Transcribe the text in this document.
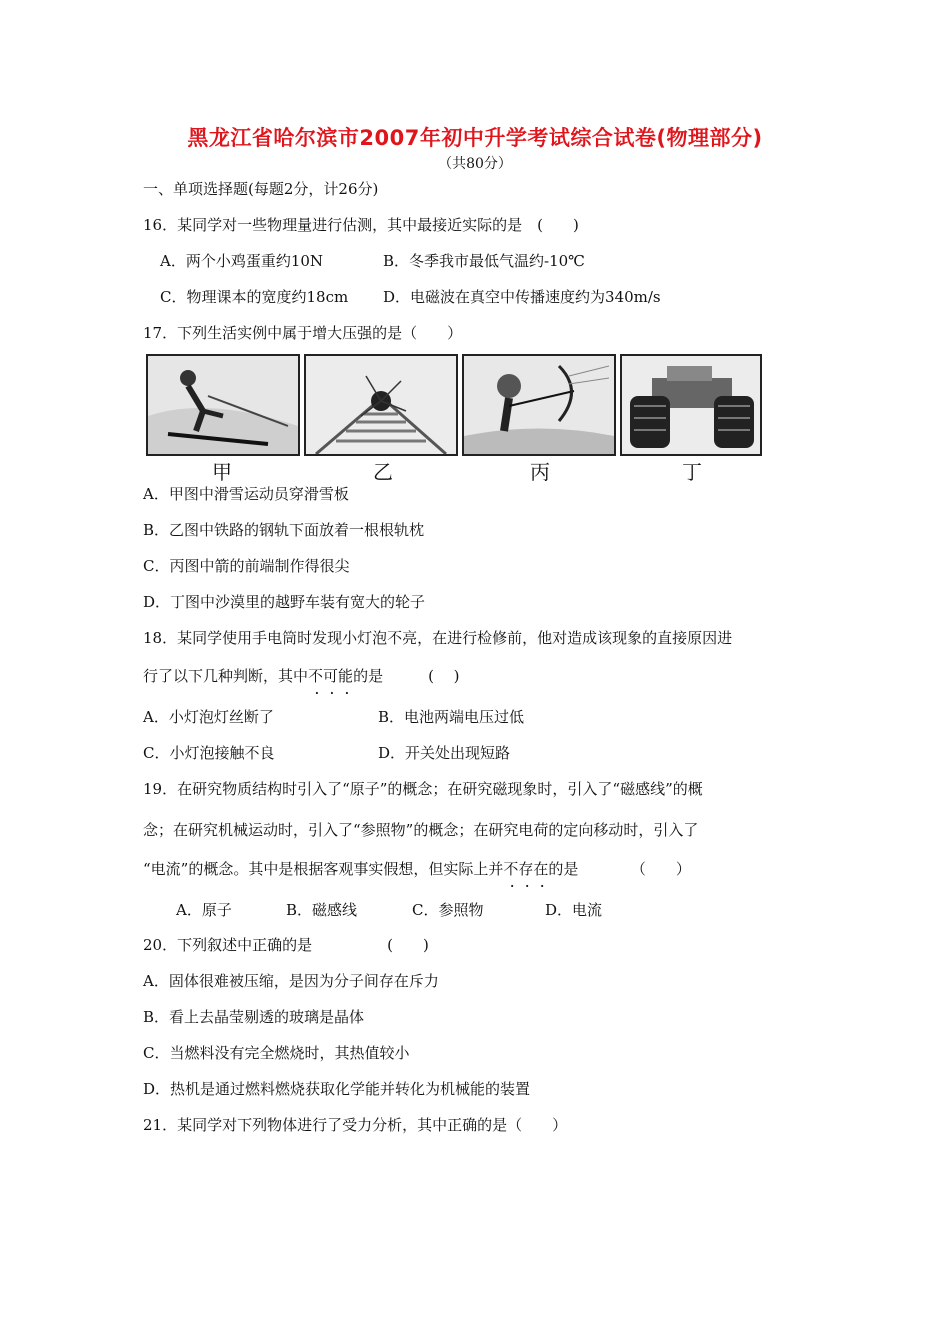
黑龙江省哈尔滨市2007年初中升学考试综合试卷(物理部分)
（共80分）
一、单项选择题(每题2分，计26分)
16．某同学对一些物理量进行估测，其中最接近实际的是　(　　)
A．两个小鸡蛋重约10N	B．冬季我市最低气温约-10℃
C．物理课本的宽度约18cm D．电磁波在真空中传播速度约为340m/s
17．下列生活实例中属于增大压强的是（　　）
甲	乙	丙	丁
A．甲图中滑雪运动员穿滑雪板
B．乙图中铁路的钢轨下面放着一根根轨枕
C．丙图中箭的前端制作得很尖
D．丁图中沙漠里的越野车装有宽大的轮子
18．某同学使用手电筒时发现小灯泡不亮，在进行检修前，他对造成该现象的直接原因进
行了以下几种判断，其中不可能的是　　　(　 )
A．小灯泡灯丝断了	B．电池两端电压过低
C．小灯泡接触不良	D．开关处出现短路
19．在研究物质结构时引入了“原子”的概念；在研究磁现象时，引入了“磁感线”的概
念；在研究机械运动时，引入了“参照物”的概念；在研究电荷的定向移动时，引入了
“电流”的概念。其中是根据客观事实假想，但实际上并不存在的是　　　　（　　）
A．原子	B．磁感线	C．参照物	D．电流
20．下列叙述中正确的是　　　　　(　　)
A．固体很难被压缩，是因为分子间存在斥力
B．看上去晶莹剔透的玻璃是晶体
C．当燃料没有完全燃烧时，其热值较小
D．热机是通过燃料燃烧获取化学能并转化为机械能的装置
21．某同学对下列物体进行了受力分析，其中正确的是（　　）
